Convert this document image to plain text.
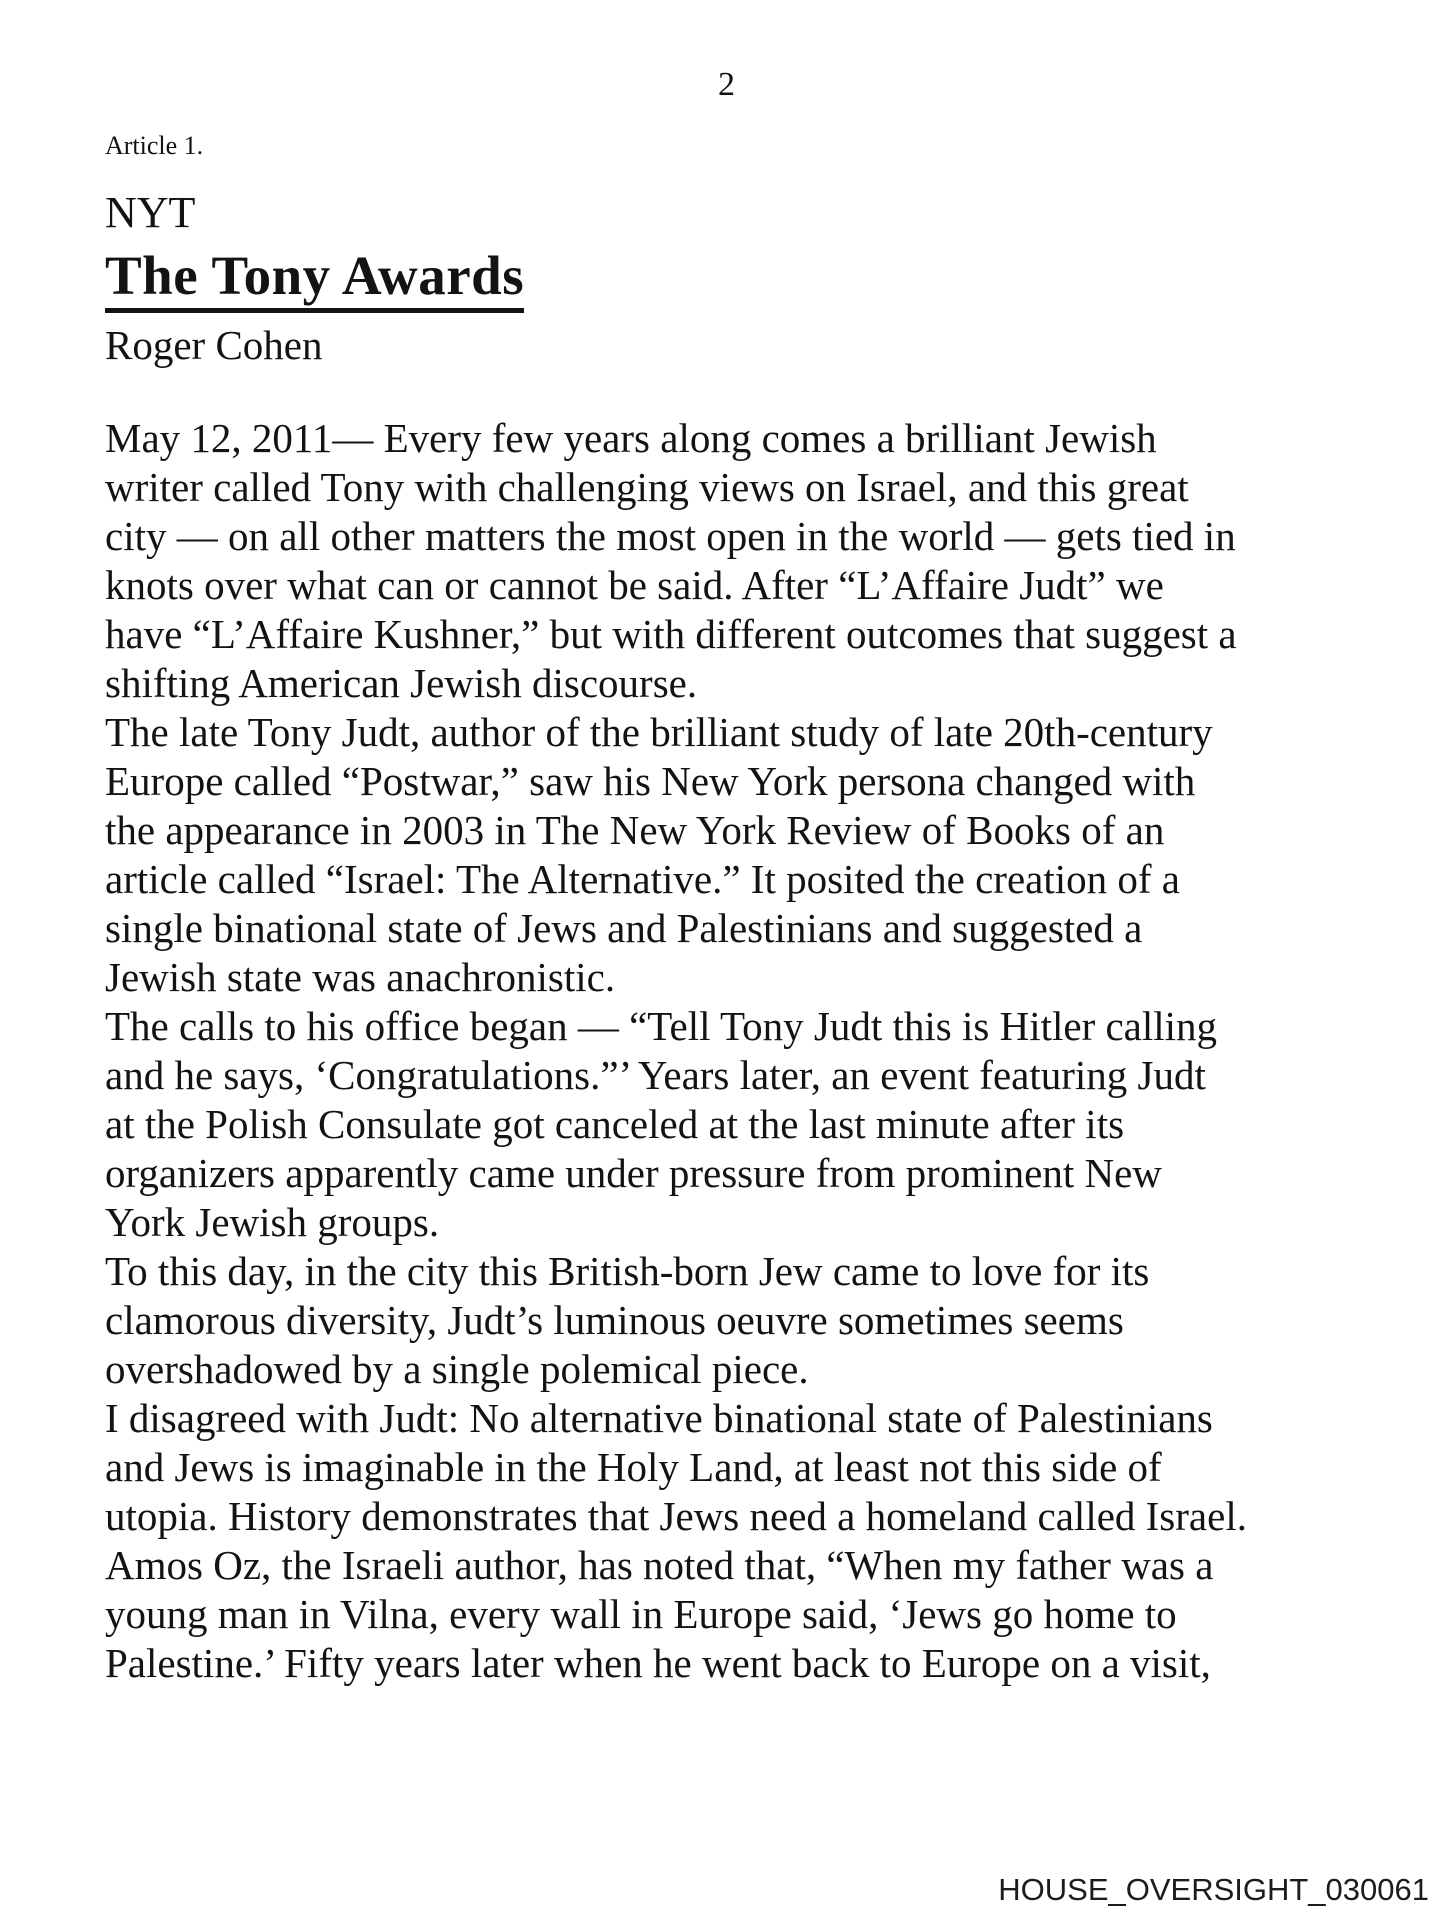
2
Article 1.
NYT
The Tony Awards
Roger Cohen
May 12, 2011— Every few years along comes a brilliant Jewish
writer called Tony with challenging views on Israel, and this great
city — on all other matters the most open in the world — gets tied in
knots over what can or cannot be said. After “L’Affaire Judt” we
have “L’Affaire Kushner,” but with different outcomes that suggest a
shifting American Jewish discourse.
The late Tony Judt, author of the brilliant study of late 20th-century
Europe called “Postwar,” saw his New York persona changed with
the appearance in 2003 in The New York Review of Books of an
article called “Israel: The Alternative.” It posited the creation of a
single binational state of Jews and Palestinians and suggested a
Jewish state was anachronistic.
The calls to his office began — “Tell Tony Judt this is Hitler calling
and he says, ‘Congratulations.”’ Years later, an event featuring Judt
at the Polish Consulate got canceled at the last minute after its
organizers apparently came under pressure from prominent New
York Jewish groups.
To this day, in the city this British-born Jew came to love for its
clamorous diversity, Judt’s luminous oeuvre sometimes seems
overshadowed by a single polemical piece.
I disagreed with Judt: No alternative binational state of Palestinians
and Jews is imaginable in the Holy Land, at least not this side of
utopia. History demonstrates that Jews need a homeland called Israel.
Amos Oz, the Israeli author, has noted that, “When my father was a
young man in Vilna, every wall in Europe said, ‘Jews go home to
Palestine.’ Fifty years later when he went back to Europe on a visit,
HOUSE_OVERSIGHT_030061
